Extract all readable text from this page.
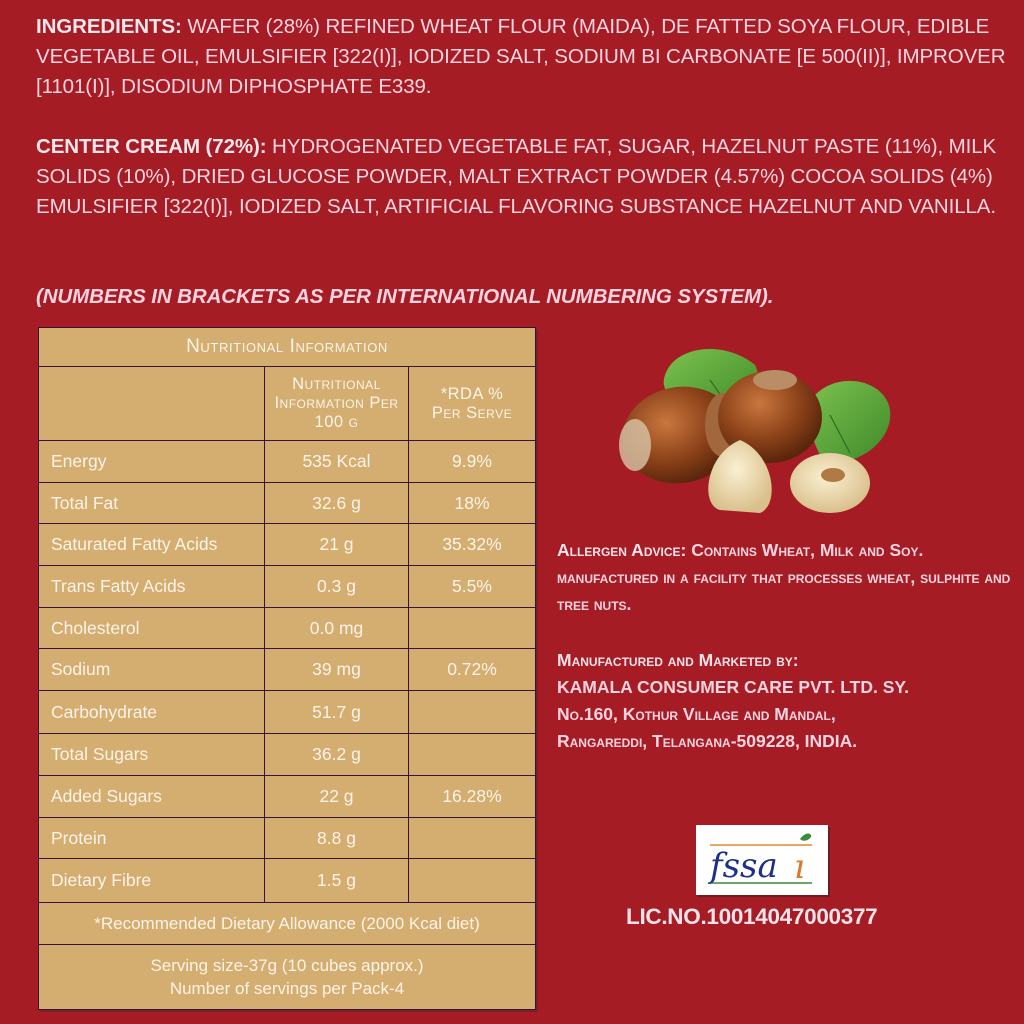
INGREDIENTS: WAFER (28%) REFINED WHEAT FLOUR (MAIDA), DE FATTED SOYA FLOUR, EDIBLE VEGETABLE OIL, EMULSIFIER [322(I)], IODIZED SALT, SODIUM BI CARBONATE [E 500(II)], IMPROVER [1101(I)], DISODIUM DIPHOSPHATE E339.
CENTER CREAM (72%): HYDROGENATED VEGETABLE FAT, SUGAR, HAZELNUT PASTE (11%), MILK SOLIDS (10%), DRIED GLUCOSE POWDER, MALT EXTRACT POWDER (4.57%) COCOA SOLIDS (4%) EMULSIFIER [322(I)], IODIZED SALT, ARTIFICIAL FLAVORING SUBSTANCE HAZELNUT AND VANILLA.
(NUMBERS IN BRACKETS AS PER INTERNATIONAL NUMBERING SYSTEM).
Nutritional Information
Nutritional Information Per 100 g
*RDA % Per Serve
Energy	535 Kcal	9.9%
Total Fat	32.6 g	18%
Saturated Fatty Acids	21 g	35.32%
Trans Fatty Acids	0.3 g	5.5%
Cholesterol	0.0 mg
Sodium	39 mg	0.72%
Carbohydrate	51.7 g
Total Sugars	36.2 g
Added Sugars	22 g	16.28%
Protein	8.8 g
Dietary Fibre	1.5 g
*Recommended Dietary Allowance (2000 Kcal diet)
Serving size-37g (10 cubes approx.)
Number of servings per Pack-4
Allergen Advice: Contains Wheat, Milk and Soy. manufactured in a facility that processes wheat, sulphite and tree nuts.
Manufactured and Marketed by:
KAMALA CONSUMER CARE PVT. LTD. SY.
No.160, Kothur Village and Mandal,
Rangareddi, Telangana-509228, INDIA.
fssa ı
LIC.NO.10014047000377
